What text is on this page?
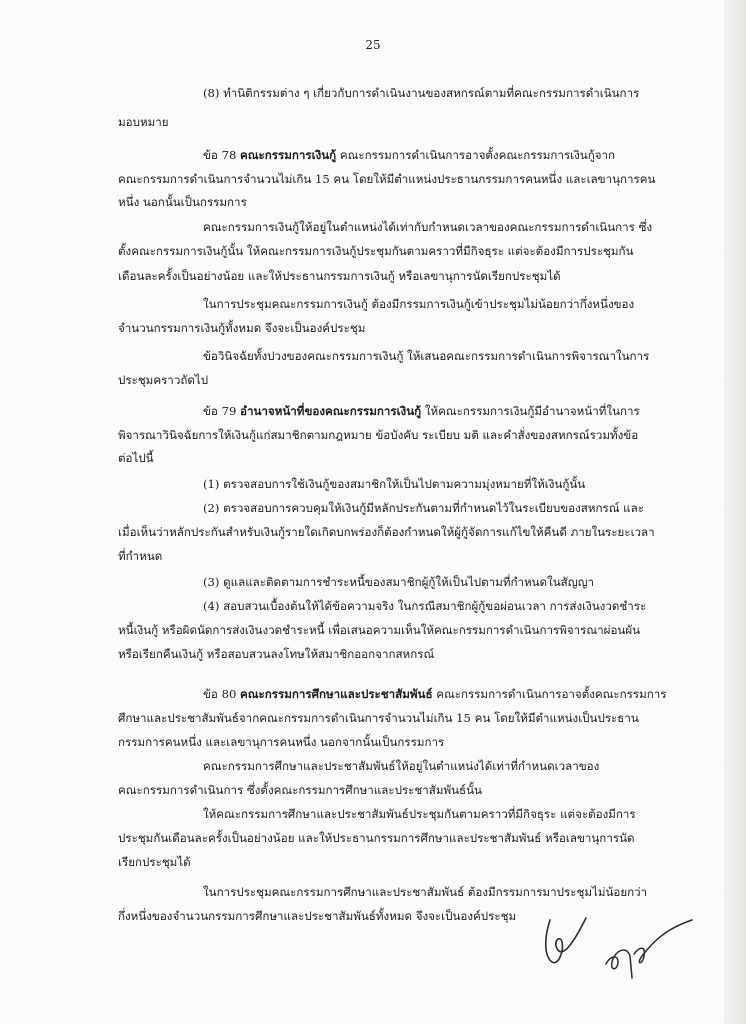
25
(8) ทำนิติกรรมต่าง ๆ เกี่ยวกับการดำเนินงานของสหกรณ์ตามที่คณะกรรมการดำเนินการ
มอบหมาย
ข้อ 78 คณะกรรมการเงินกู้ คณะกรรมการดำเนินการอาจตั้งคณะกรรมการเงินกู้จาก
คณะกรรมการดำเนินการจำนวนไม่เกิน 15 คน โดยให้มีตำแหน่งประธานกรรมการคนหนึ่ง และเลขานุการคน
หนึ่ง นอกนั้นเป็นกรรมการ
คณะกรรมการเงินกู้ให้อยู่ในตำแหน่งได้เท่ากับกำหนดเวลาของคณะกรรมการดำเนินการ ซึ่ง
ตั้งคณะกรรมการเงินกู้นั้น ให้คณะกรรมการเงินกู้ประชุมกันตามคราวที่มีกิจธุระ แต่จะต้องมีการประชุมกัน
เดือนละครั้งเป็นอย่างน้อย และให้ประธานกรรมการเงินกู้ หรือเลขานุการนัดเรียกประชุมได้
ในการประชุมคณะกรรมการเงินกู้ ต้องมีกรรมการเงินกู้เข้าประชุมไม่น้อยกว่ากึ่งหนึ่งของ
จำนวนกรรมการเงินกู้ทั้งหมด จึงจะเป็นองค์ประชุม
ข้อวินิจฉัยทั้งปวงของคณะกรรมการเงินกู้ ให้เสนอคณะกรรมการดำเนินการพิจารณาในการ
ประชุมคราวถัดไป
ข้อ 79 อำนาจหน้าที่ของคณะกรรมการเงินกู้ ให้คณะกรรมการเงินกู้มีอำนาจหน้าที่ในการ
พิจารณาวินิจฉัยการให้เงินกู้แก่สมาชิกตามกฎหมาย ข้อบังคับ ระเบียบ มติ และคำสั่งของสหกรณ์รวมทั้งข้อ
ต่อไปนี้
(1) ตรวจสอบการใช้เงินกู้ของสมาชิกให้เป็นไปตามความมุ่งหมายที่ให้เงินกู้นั้น
(2) ตรวจสอบการควบคุมให้เงินกู้มีหลักประกันตามที่กำหนดไว้ในระเบียบของสหกรณ์ และ
เมื่อเห็นว่าหลักประกันสำหรับเงินกู้รายใดเกิดบกพร่องก็ต้องกำหนดให้ผู้กู้จัดการแก้ไขให้คืนดี ภายในระยะเวลา
ที่กำหนด
(3) ดูแลและติดตามการชำระหนี้ของสมาชิกผู้กู้ให้เป็นไปตามที่กำหนดในสัญญา
(4) สอบสวนเบื้องต้นให้ได้ข้อความจริง ในกรณีสมาชิกผู้กู้ขอผ่อนเวลา การส่งเงินงวดชำระ
หนี้เงินกู้ หรือผิดนัดการส่งเงินงวดชำระหนี้ เพื่อเสนอความเห็นให้คณะกรรมการดำเนินการพิจารณาผ่อนผัน
หรือเรียกคืนเงินกู้ หรือสอบสวนลงโทษให้สมาชิกออกจากสหกรณ์
ข้อ 80 คณะกรรมการศึกษาและประชาสัมพันธ์ คณะกรรมการดำเนินการอาจตั้งคณะกรรมการ
ศึกษาและประชาสัมพันธ์จากคณะกรรมการดำเนินการจำนวนไม่เกิน 15 คน โดยให้มีตำแหน่งเป็นประธาน
กรรมการคนหนึ่ง และเลขานุการคนหนึ่ง นอกจากนั้นเป็นกรรมการ
คณะกรรมการศึกษาและประชาสัมพันธ์ให้อยู่ในตำแหน่งได้เท่าที่กำหนดเวลาของ
คณะกรรมการดำเนินการ ซึ่งตั้งคณะกรรมการศึกษาและประชาสัมพันธ์นั้น
ให้คณะกรรมการศึกษาและประชาสัมพันธ์ประชุมกันตามคราวที่มีกิจธุระ แต่จะต้องมีการ
ประชุมกันเดือนละครั้งเป็นอย่างน้อย และให้ประธานกรรมการศึกษาและประชาสัมพันธ์ หรือเลขานุการนัด
เรียกประชุมได้
ในการประชุมคณะกรรมการศึกษาและประชาสัมพันธ์ ต้องมีกรรมการมาประชุมไม่น้อยกว่า
กึ่งหนึ่งของจำนวนกรรมการศึกษาและประชาสัมพันธ์ทั้งหมด จึงจะเป็นองค์ประชุม
